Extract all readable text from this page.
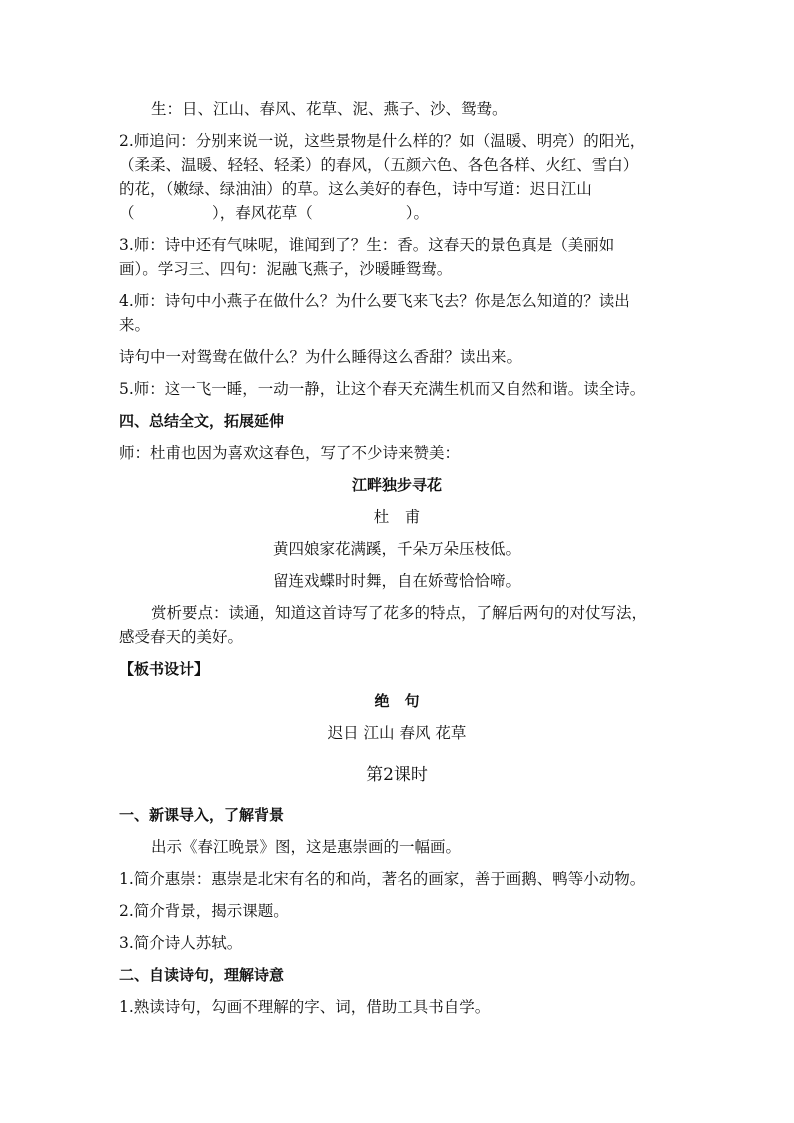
生：日、江山、春风、花草、泥、燕子、沙、鸳鸯。
2.师追问：分别来说一说，这些景物是什么样的？如（温暖、明亮）的阳光，
（柔柔、温暖、轻轻、轻柔）的春风，（五颜六色、各色各样、火红、雪白）
的花，（嫩绿、绿油油）的草。这么美好的春色，诗中写道：迟日江山
（　　　　　），春风花草（　　　　　　）。
3.师：诗中还有气味呢，谁闻到了？生：香。这春天的景色真是（美丽如
画）。学习三、四句：泥融飞燕子，沙暖睡鸳鸯。
4.师：诗句中小燕子在做什么？为什么要飞来飞去？你是怎么知道的？读出
来。
诗句中一对鸳鸯在做什么？为什么睡得这么香甜？读出来。
5.师：这一飞一睡，一动一静，让这个春天充满生机而又自然和谐。读全诗。
四、总结全文，拓展延伸
师：杜甫也因为喜欢这春色，写了不少诗来赞美：
江畔独步寻花
杜　甫
黄四娘家花满蹊，千朵万朵压枝低。
留连戏蝶时时舞，自在娇莺恰恰啼。
赏析要点：读通，知道这首诗写了花多的特点，了解后两句的对仗写法，
感受春天的美好。
【板书设计】
绝　句
迟日 江山 春风 花草
第2课时
一、新课导入，了解背景
出示《春江晚景》图，这是惠崇画的一幅画。
1.简介惠崇：惠崇是北宋有名的和尚，著名的画家，善于画鹅、鸭等小动物。
2.简介背景，揭示课题。
3.简介诗人苏轼。
二、自读诗句，理解诗意
1.熟读诗句，勾画不理解的字、词，借助工具书自学。
